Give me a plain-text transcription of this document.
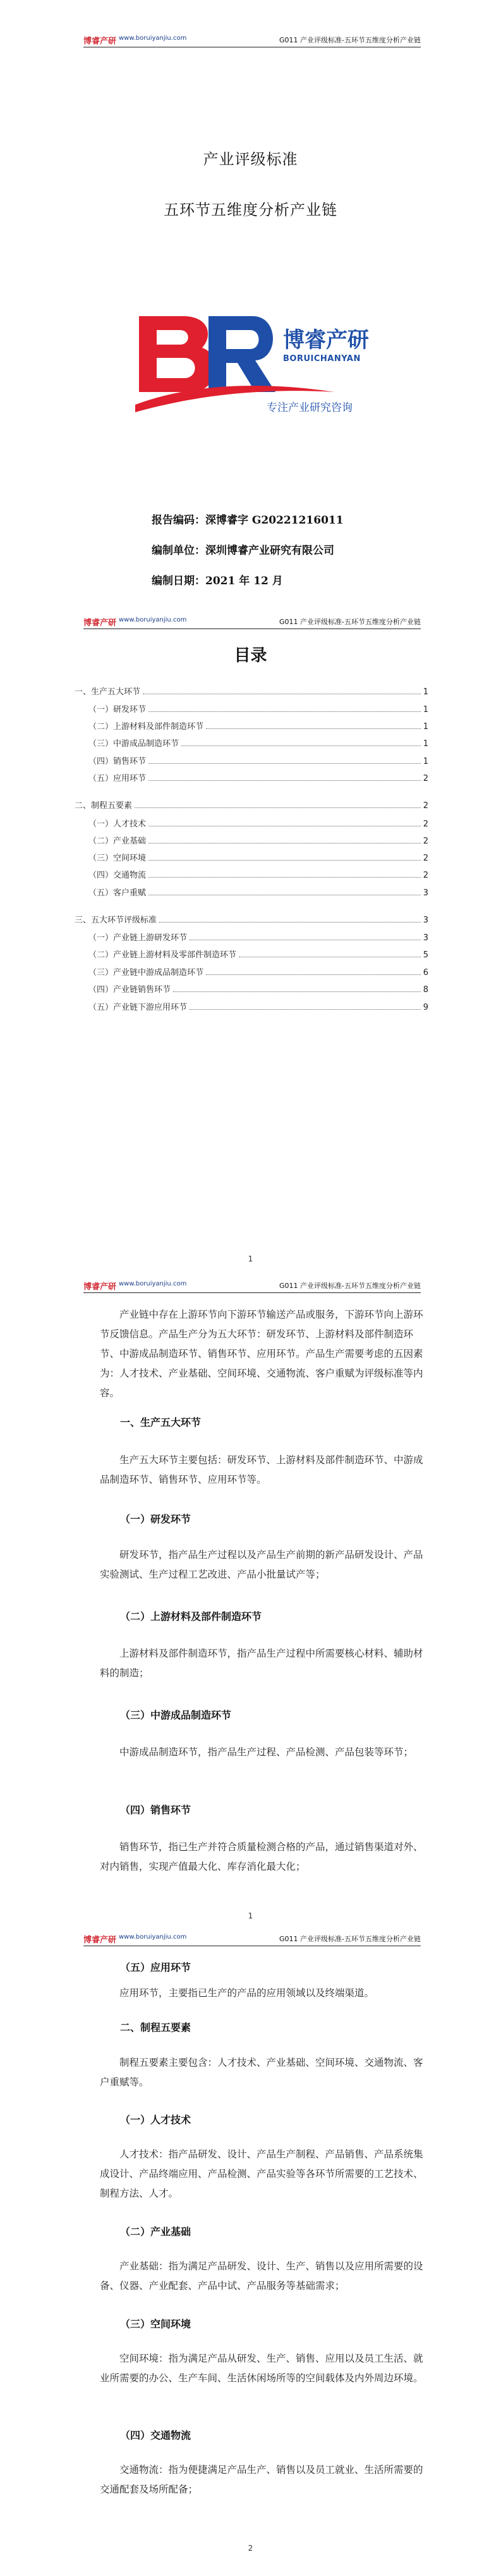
博睿产研 www.boruiyanjiu.com	G011 产业评级标准-五环节五维度分析产业链
产业评级标准
五环节五维度分析产业链
博睿产研
BORUICHANYAN
专注产业研究咨询
报告编码：深博睿字 G20221216011
编制单位：深圳博睿产业研究有限公司
编制日期：2021 年 12 月
博睿产研 www.boruiyanjiu.com	G011 产业评级标准-五环节五维度分析产业链
目录
一、生产五大环节	1
（一）研发环节	1
（二）上游材料及部件制造环节	1
（三）中游成品制造环节	1
（四）销售环节	1
（五）应用环节	2
二、制程五要素	2
（一）人才技术	2
（二）产业基础	2
（三）空间环境	2
（四）交通物流	2
（五）客户重赋	3
三、五大环节评级标准	3
（一）产业链上游研发环节	3
（二）产业链上游材料及零部件制造环节	5
（三）产业链中游成品制造环节	6
（四）产业链销售环节	8
（五）产业链下游应用环节	9
1
博睿产研 www.boruiyanjiu.com	G011 产业评级标准-五环节五维度分析产业链
产业链中存在上游环节向下游环节输送产品或服务，下游环节向上游环节反馈信息。产品生产分为五大环节：研发环节、上游材料及部件制造环节、中游成品制造环节、销售环节、应用环节。产品生产需要考虑的五因素为：人才技术、产业基础、空间环境、交通物流、客户重赋为评级标准等内容。
一、生产五大环节
生产五大环节主要包括：研发环节、上游材料及部件制造环节、中游成品制造环节、销售环节、应用环节等。
（一）研发环节
研发环节，指产品生产过程以及产品生产前期的新产品研发设计、产品实验测试、生产过程工艺改进、产品小批量试产等；
（二）上游材料及部件制造环节
上游材料及部件制造环节，指产品生产过程中所需要核心材料、辅助材料的制造；
（三）中游成品制造环节
中游成品制造环节，指产品生产过程、产品检测、产品包装等环节；
（四）销售环节
销售环节，指已生产并符合质量检测合格的产品，通过销售渠道对外、对内销售，实现产值最大化、库存消化最大化；
1
博睿产研 www.boruiyanjiu.com	G011 产业评级标准-五环节五维度分析产业链
（五）应用环节
应用环节，主要指已生产的产品的应用领域以及终端渠道。
二、制程五要素
制程五要素主要包含：人才技术、产业基础、空间环境、交通物流、客户重赋等。
（一）人才技术
人才技术：指产品研发、设计、产品生产制程、产品销售、产品系统集成设计、产品终端应用、产品检测、产品实验等各环节所需要的工艺技术、制程方法、人才。
（二）产业基础
产业基础：指为满足产品研发、设计、生产、销售以及应用所需要的设备、仪器、产业配套、产品中试、产品服务等基础需求；
（三）空间环境
空间环境：指为满足产品从研发、生产、销售、应用以及员工生活、就业所需要的办公、生产车间、生活休闲场所等的空间载体及内外周边环境。
（四）交通物流
交通物流：指为便捷满足产品生产、销售以及员工就业、生活所需要的交通配套及场所配备；
2
